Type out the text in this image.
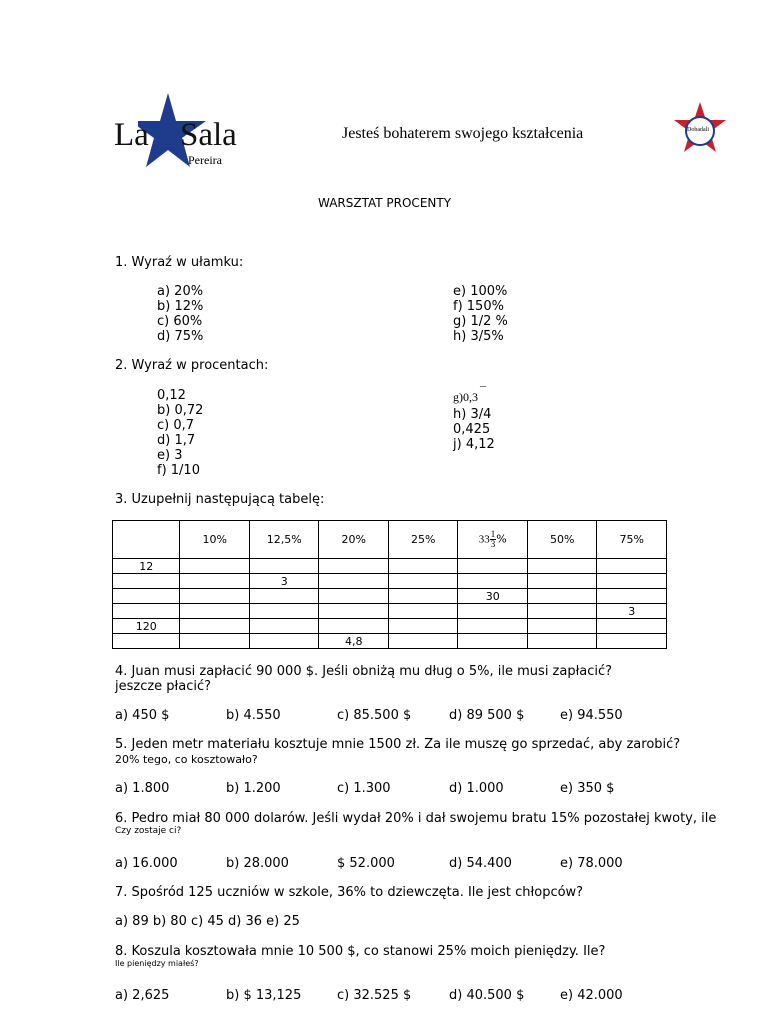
La Sala
Pereira
Jesteś bohaterem swojego kształcenia	Dobadali
WARSZTAT PROCENTY
1. Wyraź w ułamku:
a) 20%
b) 12%
c) 60%
d) 75%
e) 100%
f) 150%
g) 1/2 %
h) 3/5%
2. Wyraź w procentach:
0,12
b) 0,72
c) 0,7
d) 1,7
e) 3
f) 1/10
g)0,3 ¯
h) 3/4
0,425
j) 4,12
3. Uzupełnij następującą tabelę:
	10%	12,5%	20%	25%	$33 \frac{1}{3}$ %	50%	75%
12							
		3					
					30		
							3
120							
			4,8				
4. Juan musi zapłacić 90 000 $. Jeśli obniżą mu dług o 5%, ile musi zapłacić?
jeszcze płacić?
a) 450 $	b) 4.550	c) 85.500 $	d) 89 500 $	e) 94.550
5. Jeden metr materiału kosztuje mnie 1500 zł. Za ile muszę go sprzedać, aby zarobić?
20% tego, co kosztowało?
a) 1.800	b) 1.200	c) 1.300	d) 1.000	e) 350 $
6. Pedro miał 80 000 dolarów. Jeśli wydał 20% i dał swojemu bratu 15% pozostałej kwoty, ile
Czy zostaje ci?
a) 16.000	b) 28.000	$ 52.000	d) 54.400	e) 78.000
7. Spośród 125 uczniów w szkole, 36% to dziewczęta. Ile jest chłopców?
a) 89 b) 80 c) 45 d) 36 e) 25
8. Koszula kosztowała mnie 10 500 $, co stanowi 25% moich pieniędzy. Ile?
Ile pieniędzy miałeś?
a) 2,625	b) $ 13,125	c) 32.525 $	d) 40.500 $	e) 42.000
